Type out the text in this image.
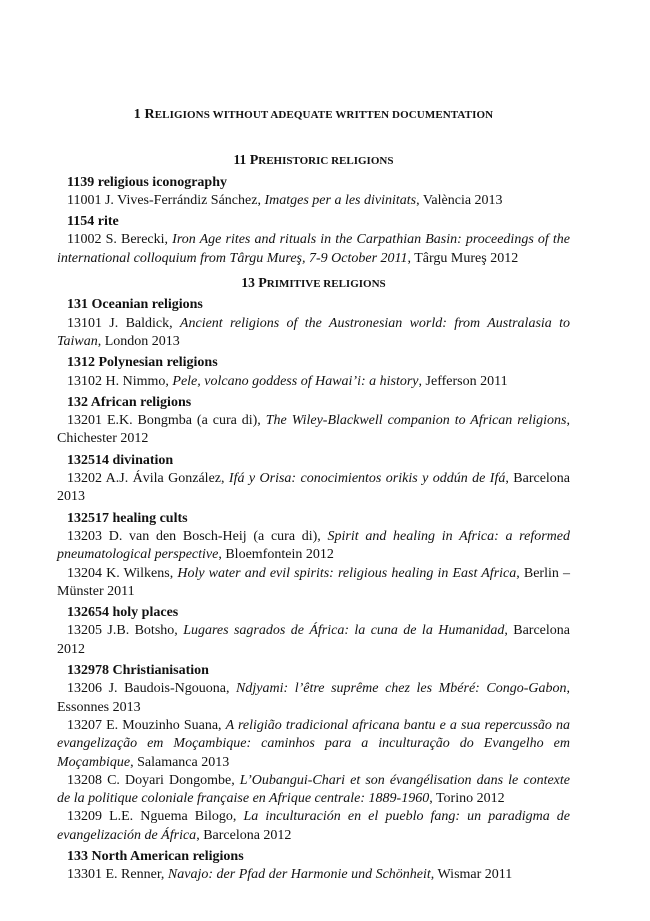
1 RELIGIONS WITHOUT ADEQUATE WRITTEN DOCUMENTATION
11 PREHISTORIC RELIGIONS
1139 religious iconography
11001 J. Vives-Ferrándiz Sánchez, Imatges per a les divinitats, València 2013
1154 rite
11002 S. Berecki, Iron Age rites and rituals in the Carpathian Basin: proceedings of the international colloquium from Târgu Mureş, 7-9 October 2011, Târgu Mureş 2012
13 PRIMITIVE RELIGIONS
131 Oceanian religions
13101 J. Baldick, Ancient religions of the Austronesian world: from Australasia to Taiwan, London 2013
1312 Polynesian religions
13102 H. Nimmo, Pele, volcano goddess of Hawai’i: a history, Jefferson 2011
132 African religions
13201 E.K. Bongmba (a cura di), The Wiley-Blackwell companion to African religions, Chichester 2012
132514 divination
13202 A.J. Ávila González, Ifá y Orisa: conocimientos orikis y oddún de Ifá, Barcelona 2013
132517 healing cults
13203 D. van den Bosch-Heij (a cura di), Spirit and healing in Africa: a reformed pneumatological perspective, Bloemfontein 2012
13204 K. Wilkens, Holy water and evil spirits: religious healing in East Africa, Berlin – Münster 2011
132654 holy places
13205 J.B. Botsho, Lugares sagrados de África: la cuna de la Humanidad, Barcelona 2012
132978 Christianisation
13206 J. Baudois-Ngouona, Ndjyami: l’être suprême chez les Mbéré: Congo-Gabon, Essonnes 2013
13207 E. Mouzinho Suana, A religião tradicional africana bantu e a sua repercussão na evangelização em Moçambique: caminhos para a inculturação do Evangelho em Moçambique, Salamanca 2013
13208 C. Doyari Dongombe, L’Oubangui-Chari et son évangélisation dans le contexte de la politique coloniale française en Afrique centrale: 1889-1960, Torino 2012
13209 L.E. Nguema Bilogo, La inculturación en el pueblo fang: un paradigma de evangelización de África, Barcelona 2012
133 North American religions
13301 E. Renner, Navajo: der Pfad der Harmonie und Schönheit, Wismar 2011
